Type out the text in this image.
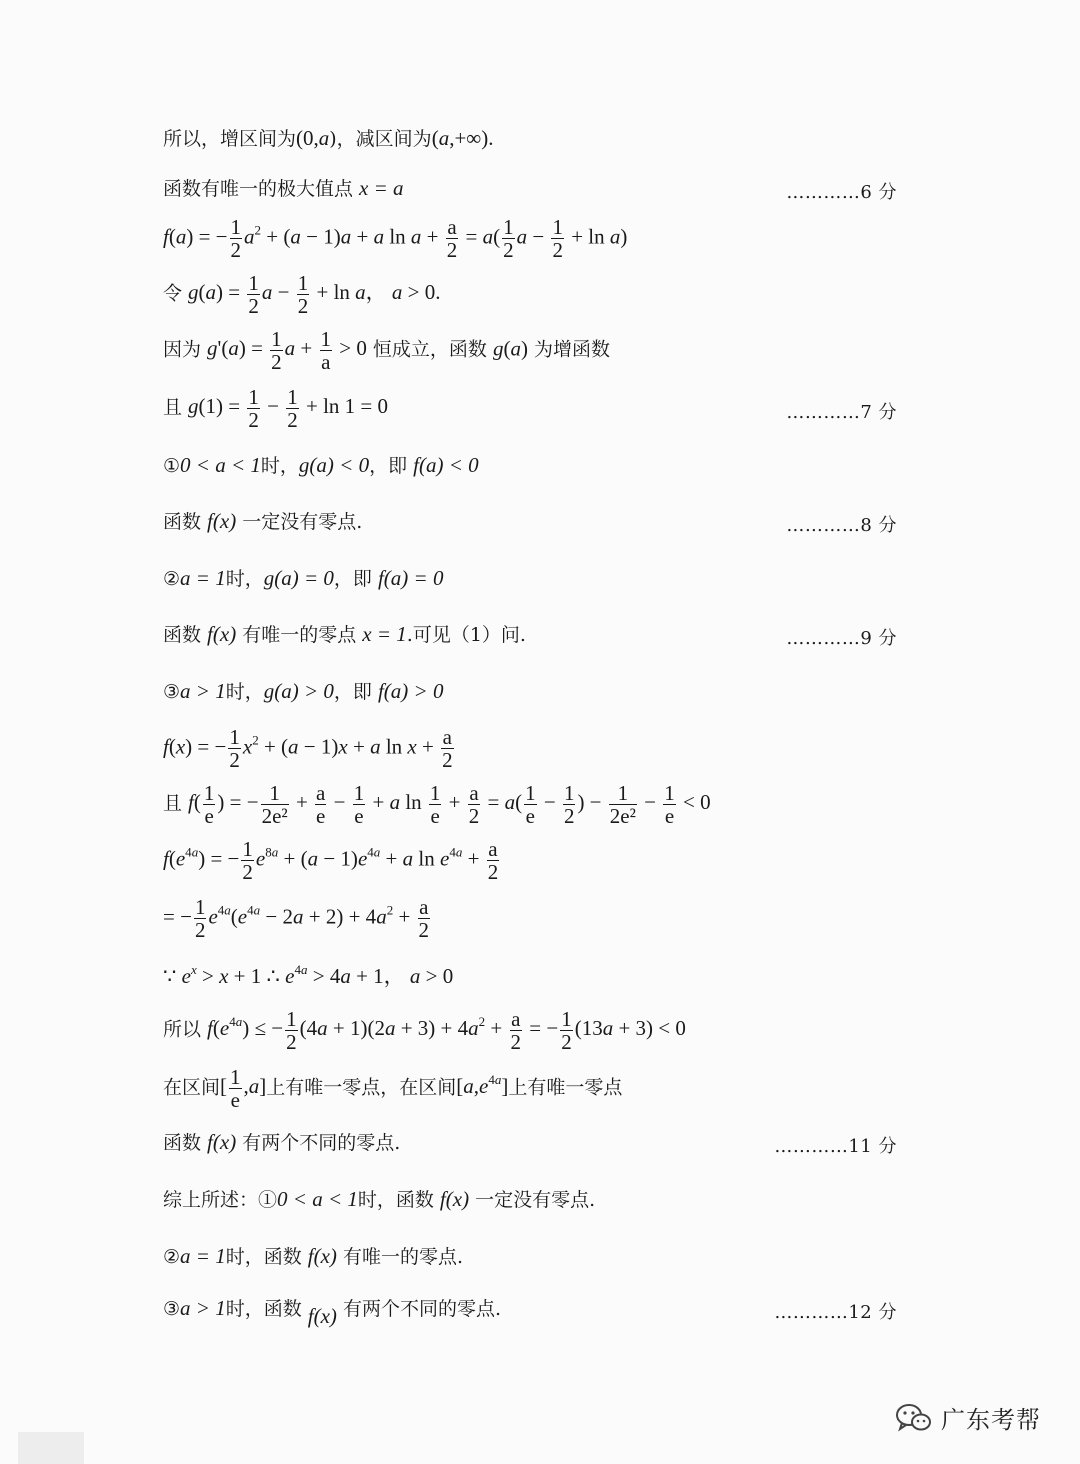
所以，增区间为(0,a)，减区间为(a,+∞).
函数有唯一的极大值点 x = a	…………6 分
f(a) = − $\frac{1}{2} a^2 + (a - 1)a + a$ $\ln a + \frac{a}{2} = a( \frac{1}{2}$ $a - \frac{1}{2} + \ln a$)
令 $g(a) = \frac{1}{2}$ $a - \frac{1}{2} + \ln a$， a > 0.
因为 $g'(a) = \frac{1}{2}$ $a + \frac{1}{a} > 0$ 恒成立，函数 g(a) 为增函数
且 $g(1) = \frac{1}{2} - \frac{1}{2} + \ln 1 = 0$	…………7 分
①0 < a < 1时，g(a) < 0，即 f(a) < 0
函数 f(x) 一定没有零点.	…………8 分
②a = 1时，g(a) = 0，即 f(a) = 0
函数 f(x) 有唯一的零点 x = 1.可见（1）问.	…………9 分
③a > 1时，g(a) > 0，即 f(a) > 0
f(x) = − $\frac{1}{2} x^2 + (a - 1)x + a$ $\ln x + \frac{a}{2}$
且 $f( \frac{1}{e}$ ) = − $\frac{1}{\text{2e²}} + \frac{a}{e} - \frac{1}{e} + a$ $\ln \frac{1}{e} + \frac{a}{2} = a( \frac{1}{e} - \frac{1}{2}$ ) − $\frac{1}{\text{2e²}} - \frac{1}{e} < 0$
$f(e^{4a})$ = − $\frac{1}{2} e^{8a} + (a - 1)e^{4a} + a$ $\ln e^{4a} + \frac{a}{2}$
= − $\frac{1}{2} e^{4a}(e^{4a} - 2a + 2) + 4a^2 + \frac{a}{2}$
∵ $e^x > x + 1$ ∴ $e^{4a} > 4a + 1$， a > 0
所以 $f(e^{4a})$ ≤ − $\frac{1}{2} (4a + 1)(2a + 3) + 4a^2 + \frac{a}{2}$ = − $\frac{1}{2} (13a + 3) < 0$
在区间[ $\frac{1}{e} ,a$]上有唯一零点，在区间$[a,e^{4a}]$上有唯一零点
函数 f(x) 有两个不同的零点.	…………11 分
综上所述：①0 < a < 1时，函数 f(x) 一定没有零点.
②a = 1时，函数 f(x) 有唯一的零点.
③a > 1时，函数 f(x) 有两个不同的零点.	…………12 分
广东考帮
